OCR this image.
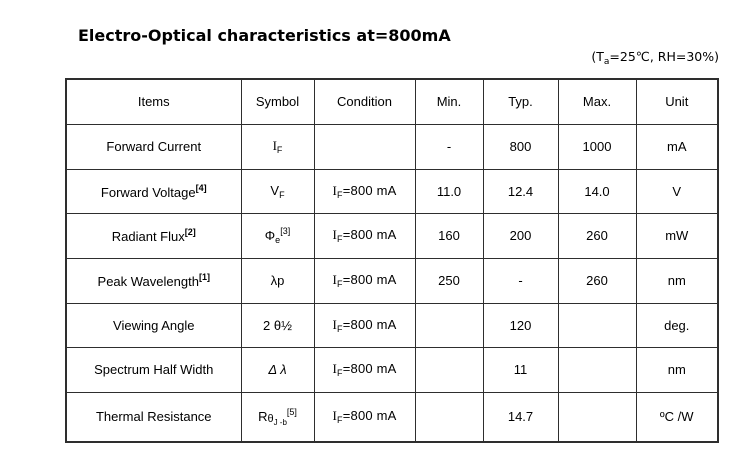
Electro-Optical characteristics at=800mA
($T_a=25℃$, RH=30%)
Items	Symbol	Condition	Min.	Typ.	Max.	Unit
Forward Current	$I_F$		-	800	1000	mA
Forward Voltage[4]	$V_F$	$I_F=800$ mA	11.0	12.4	14.0	V
Radiant Flux[2]	$\Phi_e[3]$	$I_F=800$ mA	160	200	260	mW
Peak Wavelength[1]	λp	$I_F=800$ mA	250	-	260	nm
Viewing Angle	2 θ½	$I_F=800$ mA		120		deg.
Spectrum Half Width	Δ λ	$I_F=800$ mA		11		nm
Thermal Resistance	$R\theta_{J -b}[5]$	$I_F=800$ mA		14.7		ºC /W
